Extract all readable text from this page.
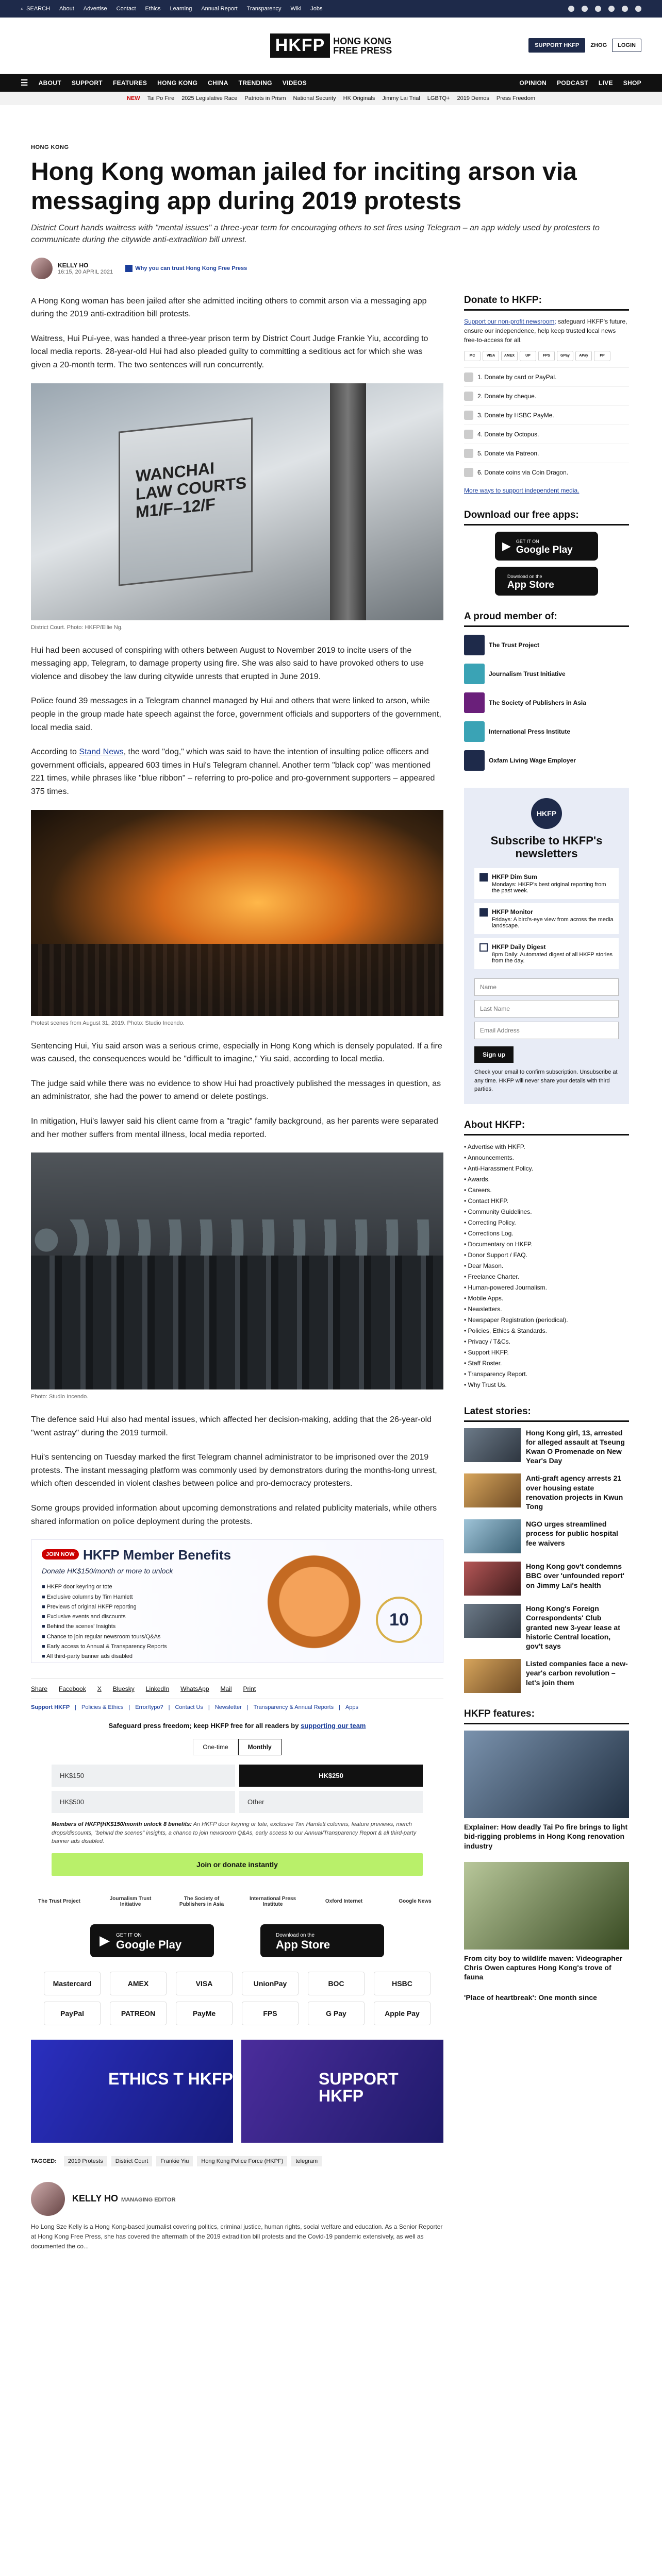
⌕ SEARCH About Advertise Contact Ethics Learning Annual Report Transparency Wiki Jobs
HKFP HONG KONG
FREE PRESS	SUPPORT HKFP	ZHOG	LOGIN
☰ ABOUT SUPPORT FEATURES HONG KONG CHINA TRENDING VIDEOS	OPINION PODCAST LIVE SHOP
NEW Tai Po Fire 2025 Legislative Race Patriots in Prism National Security HK Originals Jimmy Lai Trial LGBTQ+ 2019 Demos Press Freedom
HONG KONG
Hong Kong woman jailed for inciting arson via messaging app during 2019 protests
District Court hands waitress with "mental issues" a three-year term for encouraging others to set fires using Telegram – an app widely used by protesters to communicate during the citywide anti-extradition bill unrest.
KELLY HO
16:15, 20 APRIL 2021
Why you can trust Hong Kong Free Press

A Hong Kong woman has been jailed after she admitted inciting others to commit arson via a messaging app during the 2019 anti-extradition bill protests.

Waitress, Hui Pui-yee, was handed a three-year prison term by District Court Judge Frankie Yiu, according to local media reports. 28-year-old Hui had also pleaded guilty to committing a seditious act for which she was given a 20-month term. The two sentences will run concurrently.

WANCHAI LAW COURTS M1/F–12/F
District Court. Photo: HKFP/Ellie Ng.

Hui had been accused of conspiring with others between August to November 2019 to incite users of the messaging app, Telegram, to damage property using fire. She was also said to have provoked others to use violence and disobey the law during citywide unrests that erupted in June 2019.

Police found 39 messages in a Telegram channel managed by Hui and others that were linked to arson, while people in the group made hate speech against the force, government officials and supporters of the government, local media said.

According to Stand News, the word "dog," which was said to have the intention of insulting police officers and government officials, appeared 603 times in Hui's Telegram channel. Another term "black cop" was mentioned 221 times, while phrases like "blue ribbon" – referring to pro-police and pro-government supporters – appeared 375 times.

Protest scenes from August 31, 2019. Photo: Studio Incendo.

Sentencing Hui, Yiu said arson was a serious crime, especially in Hong Kong which is densely populated. If a fire was caused, the consequences would be "difficult to imagine," Yiu said, according to local media.

The judge said while there was no evidence to show Hui had proactively published the messages in question, as an administrator, she had the power to amend or delete postings.

In mitigation, Hui's lawyer said his client came from a "tragic" family background, as her parents were separated and her mother suffers from mental illness, local media reported.

Photo: Studio Incendo.

The defence said Hui also had mental issues, which affected her decision-making, adding that the 26-year-old "went astray" during the 2019 turmoil.

Hui's sentencing on Tuesday marked the first Telegram channel administrator to be imprisoned over the 2019 protests. The instant messaging platform was commonly used by demonstrators during the months-long unrest, which often descended in violent clashes between police and pro-democracy protesters.

Some groups provided information about upcoming demonstrations and related publicity materials, while others shared information on police deployment during the protests.

JOIN NOW HKFP Member Benefits
Donate HK$150/month or more to unlock
■ HKFP door keyring or tote
■ Exclusive columns by Tim Hamlett
■ Previews of original HKFP reporting
■ Exclusive events and discounts
■ Behind the scenes' Insights
■ Chance to join regular newsroom tours/Q&As
■ Early access to Annual & Transparency Reports
■ All third-party banner ads disabled
10
Share Facebook X Bluesky LinkedIn WhatsApp Mail Print
Support HKFP | Policies & Ethics | Error/typo? | Contact Us | Newsletter | Transparency & Annual Reports | Apps
Safeguard press freedom; keep HKFP free for all readers by supporting our team
One-time	Monthly
HK$150	HK$250
HK$500	Other
Members of HKFP(HK$150/month unlock 8 benefits: An HKFP door keyring or tote, exclusive Tim Hamlett columns, feature previews, merch drops/discounts, "behind the scenes" insights, a chance to join newsroom Q&As, early access to our Annual/Transparency Report & all third-party banner ads disabled.
Join or donate instantly
The Trust Project	Journalism Trust Initiative
The Society of Publishers in Asia
International Press Institute	Oxford Internet	Google News
▶ GET IT ON
Google Play
Download on the
App Store
Mastercard	AMEX	VISA	UnionPay	BOC	HSBC
PayPal	PATREON	PayMe	FPS	G Pay	Apple Pay
ETHICS T HKFP	SUPPORT HKFP
TAGGED:	2019 Protests	District Court	Frankie Yiu	Hong Kong Police Force (HKPF)	telegram
KELLY HO MANAGING EDITOR
Ho Long Sze Kelly is a Hong Kong-based journalist covering politics, criminal justice, human rights, social welfare and education. As a Senior Reporter at Hong Kong Free Press, she has covered the aftermath of the 2019 extradition bill protests and the Covid-19 pandemic extensively, as well as documented the co...
Donate to HKFP:
Support our non-profit newsroom; safeguard HKFP's future, ensure our independence, help keep trusted local news free-to-access for all.
MC	VISA	AMEX	UP	FPS	GPay	APay	PP
1. Donate by card or PayPal.
2. Donate by cheque.
3. Donate by HSBC PayMe.
4. Donate by Octopus.
5. Donate via Patreon.
6. Donate coins via Coin Dragon.
More ways to support independent media.
Download our free apps:
▶ GET IT ON
Google Play
Download on the
App Store
A proud member of:
The Trust Project
Journalism Trust Initiative
The Society of Publishers in Asia
International Press Institute
Oxfam Living Wage Employer
HKFP
Subscribe to HKFP's newsletters
HKFP Dim Sum
Mondays: HKFP's best original reporting from the past week.
HKFP Monitor
Fridays: A bird's-eye view from across the media landscape.
HKFP Daily Digest
8pm Daily: Automated digest of all HKFP stories from the day.
Name
Last Name
Email Address
Sign up
Check your email to confirm subscription. Unsubscribe at any time. HKFP will never share your details with third parties.
About HKFP:
• Advertise with HKFP.
• Announcements.
• Anti-Harassment Policy.
• Awards.
• Careers.
• Contact HKFP.
• Community Guidelines.
• Correcting Policy.
• Corrections Log.
• Documentary on HKFP.
• Donor Support / FAQ.
• Dear Mason.
• Freelance Charter.
• Human-powered Journalism.
• Mobile Apps.
• Newsletters.
• Newspaper Registration (periodical).
• Policies, Ethics & Standards.
• Privacy / T&Cs.
• Support HKFP.
• Staff Roster.
• Transparency Report.
• Why Trust Us.
Latest stories:
Hong Kong girl, 13, arrested for alleged assault at Tseung Kwan O Promenade on New Year's Day
Anti-graft agency arrests 21 over housing estate renovation projects in Kwun Tong
NGO urges streamlined process for public hospital fee waivers
Hong Kong gov't condemns BBC over 'unfounded report' on Jimmy Lai's health
Hong Kong's Foreign Correspondents' Club granted new 3-year lease at historic Central location, gov't says
Listed companies face a new-year's carbon revolution – let's join them
HKFP features:
Explainer: How deadly Tai Po fire brings to light bid-rigging problems in Hong Kong renovation industry
From city boy to wildlife maven: Videographer Chris Owen captures Hong Kong's trove of fauna
'Place of heartbreak': One month since
